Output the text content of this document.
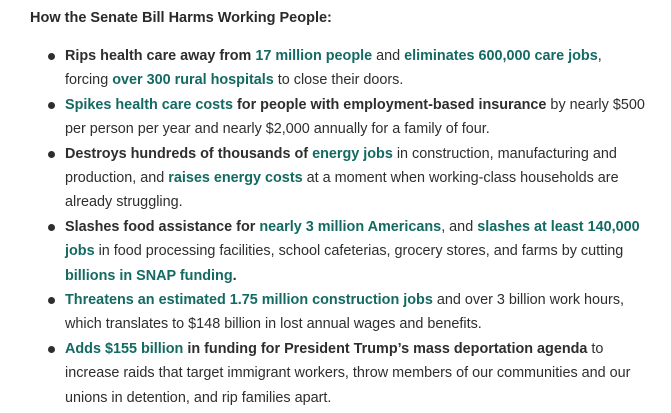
How the Senate Bill Harms Working People:
Rips health care away from 17 million people and eliminates 600,000 care jobs, forcing over 300 rural hospitals to close their doors.
Spikes health care costs for people with employment-based insurance by nearly $500 per person per year and nearly $2,000 annually for a family of four.
Destroys hundreds of thousands of energy jobs in construction, manufacturing and production, and raises energy costs at a moment when working-class households are already struggling.
Slashes food assistance for nearly 3 million Americans, and slashes at least 140,000 jobs in food processing facilities, school cafeterias, grocery stores, and farms by cutting billions in SNAP funding.
Threatens an estimated 1.75 million construction jobs and over 3 billion work hours, which translates to $148 billion in lost annual wages and benefits.
Adds $155 billion in funding for President Trump’s mass deportation agenda to increase raids that target immigrant workers, throw members of our communities and our unions in detention, and rip families apart.
